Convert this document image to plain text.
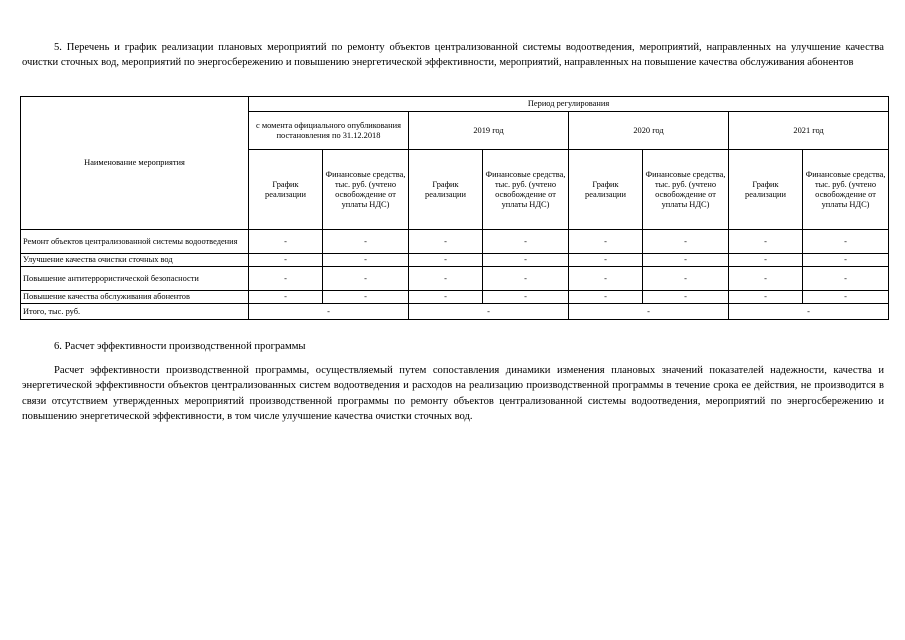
5. Перечень и график реализации плановых мероприятий по ремонту объектов централизованной системы водоотведения, мероприятий, направленных на улучшение качества очистки сточных вод, мероприятий по энергосбережению и повышению энергетической эффективности, мероприятий, направленных на повышение качества обслуживания абонентов
Наименование мероприятия	Период регулирования							
	с момента официального опубликования постановления по 31.12.2018		2019 год		2020 год		2021 год	
	График реализации	Финансовые средства, тыс. руб. (учтено освобождение от уплаты НДС)	График реализации	Финансовые средства, тыс. руб. (учтено освобождение от уплаты НДС)	График реализации	Финансовые средства, тыс. руб. (учтено освобождение от уплаты НДС)	График реализации	Финансовые средства, тыс. руб. (учтено освобождение от уплаты НДС)
Ремонт объектов централизованной системы водоотведения	-	-	-	-	-	-	-	-
Улучшение качества очистки сточных вод	-	-	-	-	-	-	-	-
Повышение антитеррористической безопасности	-	-	-	-	-	-	-	-
Повышение качества обслуживания абонентов	-	-	-	-	-	-	-	-
Итого, тыс. руб.	-		-		-		-	
6. Расчет эффективности производственной программы
Расчет эффективности производственной программы, осуществляемый путем сопоставления динамики изменения плановых значений показателей надежности, качества и энергетической эффективности объектов централизованных систем водоотведения и расходов на реализацию производственной программы в течение срока ее действия, не производится в связи отсутствием утвержденных мероприятий производственной программы по ремонту объектов централизованной системы водоотведения, мероприятий по энергосбережению и повышению энергетической эффективности, в том числе улучшение качества очистки сточных вод.
